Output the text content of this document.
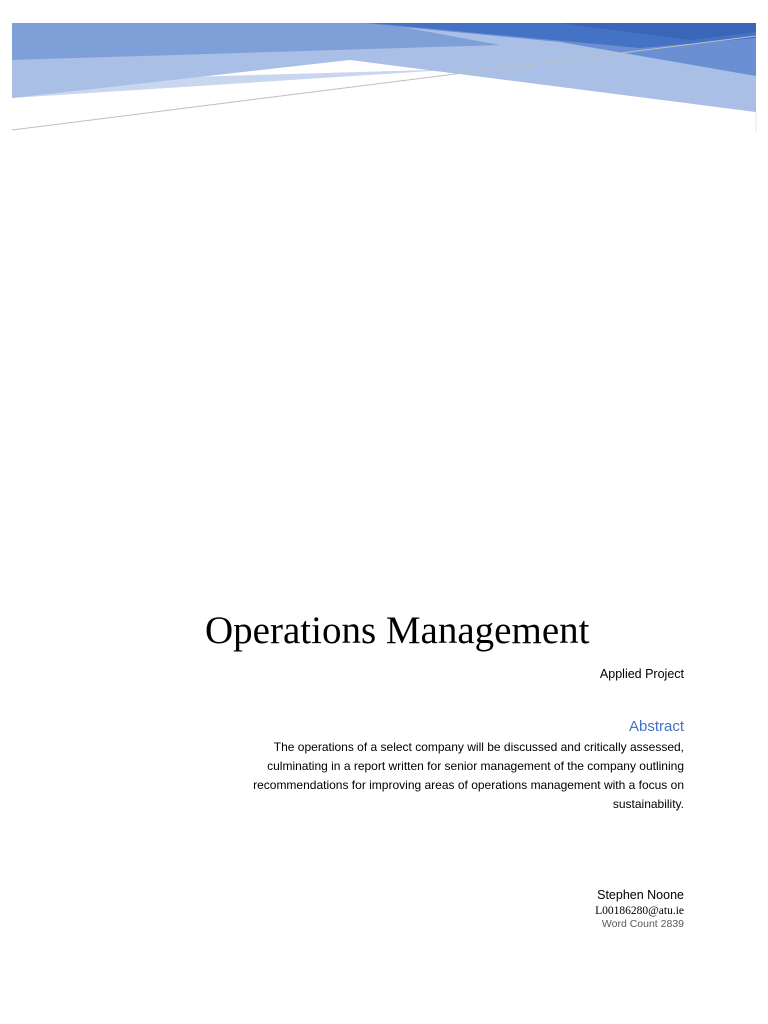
Operations Management
Applied Project
Abstract

The operations of a select company will be discussed and critically assessed,
culminating in a report written for senior management of the company outlining
recommendations for improving areas of operations management with a focus on
sustainability.

Stephen Noone
L00186280@atu.ie
Word Count 2839
